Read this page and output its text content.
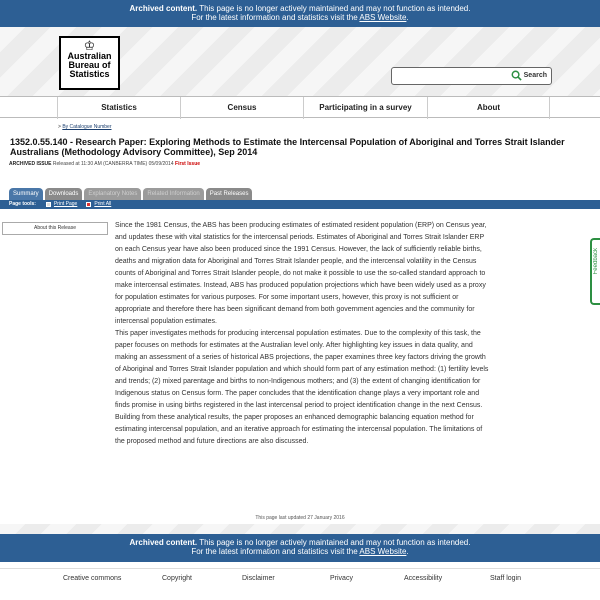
Archived content. This page is no longer actively maintained and may not function as intended.
For the latest information and statistics visit the ABS Website.
♔
Australian
Bureau of
Statistics	Search
Statistics	Census	Participating in a survey	About
> By Catalogue Number
1352.0.55.140 - Research Paper: Exploring Methods to Estimate the Intercensal Population of Aboriginal and Torres Strait Islander Australians (Methodology Advisory Committee), Sep 2014
ARCHIVED ISSUE Released at 11:30 AM (CANBERRA TIME) 05/09/2014 First Issue
Summary	Downloads	Explanatory Notes	Related Information	Past Releases
Page tools:	Print Page	Print All
About this Release	Since the 1981 Census, the ABS has been producing estimates of estimated resident population (ERP) on Census year, and updates these with vital statistics for the intercensal periods. Estimates of Aboriginal and Torres Strait Islander ERP on each Census year have also been produced since the 1991 Census. However, the lack of sufficiently reliable births, deaths and migration data for Aboriginal and Torres Strait Islander people, and the intercensal volatility in the Census counts of Aboriginal and Torres Strait Islander people, do not make it possible to use the so-called standard approach to make intercensal estimates. Instead, ABS has produced population projections which have been widely used as a proxy for population estimates for various purposes. For some important users, however, this proxy is not sufficient or appropriate and therefore there has been significant demand from both government agencies and the community for intercensal population estimates.

This paper investigates methods for producing intercensal population estimates. Due to the complexity of this task, the paper focuses on methods for estimates at the Australian level only. After highlighting key issues in data quality, and making an assessment of a series of historical ABS projections, the paper examines three key factors driving the growth of Aboriginal and Torres Strait Islander population and which should form part of any estimation method: (1) fertility levels and trends; (2) mixed parentage and births to non-Indigenous mothers; and (3) the extent of changing identification for Indigenous status on Census form. The paper concludes that the identification change plays a very important role and finds promise in using births registered in the last intercensal period to project identification change in the next Census.

Building from these analytical results, the paper proposes an enhanced demographic balancing equation method for estimating intercensal population, and an iterative approach for estimating the intercensal population. The limitations of the proposed method and future directions are also discussed.

Feedback
This page last updated 27 January 2016
Archived content. This page is no longer actively maintained and may not function as intended.
For the latest information and statistics visit the ABS Website.
Creative commons	Copyright	Disclaimer	Privacy	Accessibility	Staff login
